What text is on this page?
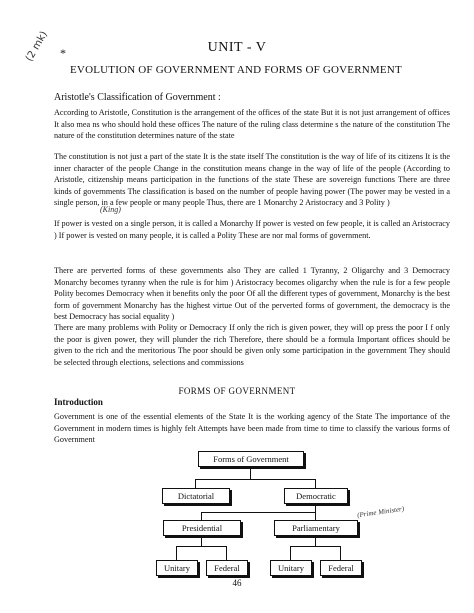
UNIT - V
*
(2 mk)
EVOLUTION OF GOVERNMENT AND FORMS OF GOVERNMENT
Aristotle's Classification of Government :
According to Aristotle, Constitution is the arrangement of the offices of the state But it is not just arrangement of offices It also mea ns who should hold these offices The nature of the ruling class determine s the nature of the constitution The nature of the constitution determines nature of the state
The constitution is not just a part of the state It is the state itself The constitution is the way of life of its citizens It is the inner character of the people Change in the constitution means change in the way of life of the people (According to Aristotle, citizenship means participation in the functions of the state These are sovereign functions There are three kinds of governments The classification is based on the number of people having power (The power may be vested in a single person, in a few people or many people Thus, there are 1 Monarchy 2 Aristocracy and 3 Polity )
(King)
If power is vested on a single person, it is called a Monarchy If power is vested on few people, it is called an Aristocracy ) If power is vested on many people, it is called a Polity These are nor mal forms of government.
There are perverted forms of these governments also They are called 1 Tyranny, 2 Oligarchy and 3 Democracy Monarchy becomes tyranny when the rule is for him ) Aristocracy becomes oligarchy when the rule is for a few people Polity becomes Democracy when it benefits only the poor Of all the different types of government, Monarchy is the best form of government Monarchy has the highest virtue Out of the perverted forms of government, the democracy is the best Democracy has social equality )
There are many problems with Polity or Democracy If only the rich is given power, they will op press the poor I f only the poor is given power, they will plunder the rich Therefore, there should be a formula Important offices should be given to the rich and the meritorious The poor should be given only some participation in the government They should be selected through elections, selections and commissions
FORMS OF GOVERNMENT
Introduction
Government is one of the essential elements of the State It is the working agency of the State The importance of the Government in modern times is highly felt Attempts have been made from time to time to classify the various forms of Government
Forms of Government
Dictatorial	Democratic
Presidential	Parliamentary
(Prime Minister)
Unitary	Federal	Unitary	Federal
46
